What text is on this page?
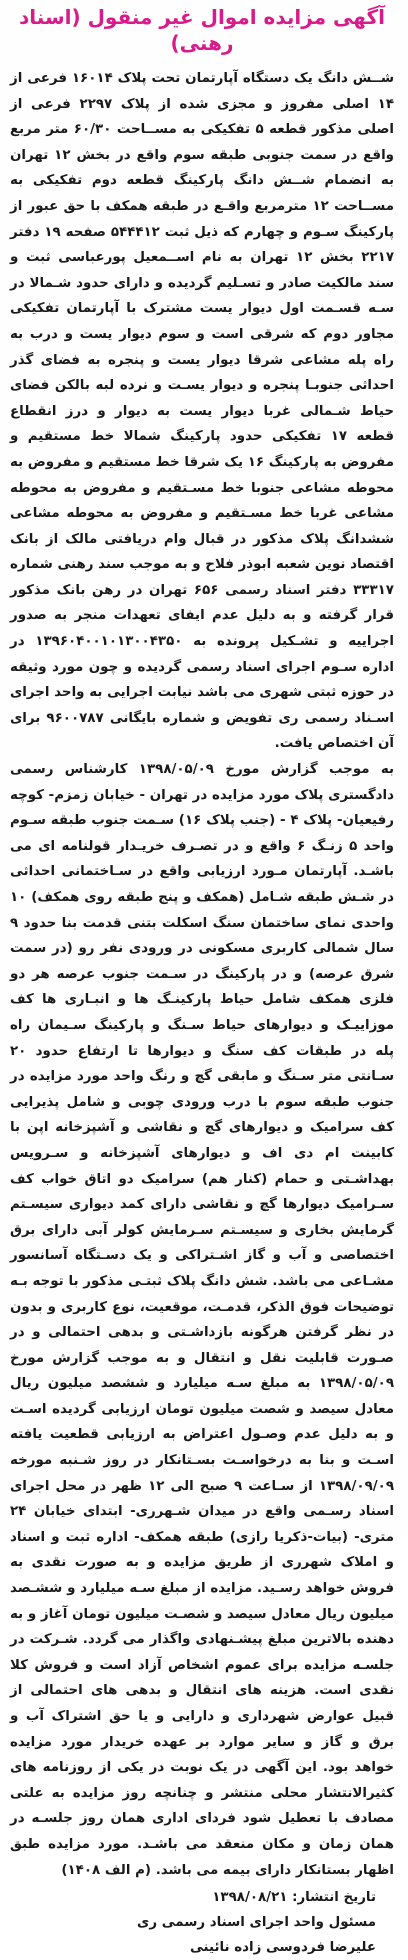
آگهی مزایده اموال غیر منقول (اسناد
رهنی)
شــش دانگ یک دستگاه آپارتمان تحت پلاک ۱۶۰۱۴ فرعی از ۱۴ اصلی مفروز و مجزی شده از پلاک ۲۲۹۷ فرعی از اصلی مذکور قطعه ۵ تفکیکی به مســاحت ۶۰/۳۰ متر مربع واقع در سمت جنوبی طبقه سوم واقع در بخش ۱۲ تهران به انضمام شــش دانگ پارکینگ قطعه دوم تفکیکی به مســاحت ۱۲ مترمربع واقـع در طبقه همکف با حق عبور از پارکینگ سـوم و چهارم که ذیل ثبت ۵۴۴۴۱۲ صفحه ۱۹ دفتر ۲۲۱۷ بخش ۱۲ تهران به نام اســمعیل پورعباسی ثبت و سند مالکیت صادر و تسـلیم گردیده و دارای حدود شـمالا در سـه قسـمت اول دیوار یست مشترک با آپارتمان تفکیکی مجاور دوم که شرقی است و سوم دیوار یست و درب به راه پله مشاعی شرقا دیوار یست و پنجره به فضای گذر احداثی جنوبـا پنجره و دیوار یسـت و نرده لبه بالکن فضای حیاط شـمالی غربا دیوار یست به دیوار و درز انقطاع قطعه ۱۷ تفکیکی حدود پارکینگ شمالا خط مستقیم و مفروض به پارکینگ ۱۶ یک شرقا خط مستقیم و مفروض به محوطه مشاعی جنوبا خط مسـتقیم و مفروض به محوطه مشاعی غربا خط مسـتقیم و مفروض به محوطه مشاعی ششدانگ پلاک مذکور در قبال وام دریافتی مالک از بانک اقتصاد نوین شعبه ابوذر فلاح و به موجب سند رهنی شماره ۳۳۳۱۷ دفتر اسناد رسمی ۶۵۶ تهران در رهن بانک مذکور قرار گرفته و به دلیل عدم ایفای تعهدات منجر به صدور اجراییه و تشـکیل پرونده به ۱۳۹۶۰۴۰۰۱۰۱۳۰۰۴۳۵۰ در اداره سـوم اجرای اسناد رسمی گردیده و چون مورد وثیقه در حوزه ثبتی شهری می باشد نیابت اجرایی به واحد اجرای اسـناد رسمی ری تفویض و شماره بایگانی ۹۶۰۰۷۸۷ برای آن اختصاص یافت.
به موجب گزارش مورخ ۱۳۹۸/۰۵/۰۹ کارشناس رسمی دادگستری پلاک مورد مزایده در تهران - خیابان زمزم- کوچه رفیعیان- پلاک ۴ - (جنب پلاک ۱۶) سـمت جنوب طبقه سـوم واحد ۵ زنـگ ۶ واقع و در تصـرف خریـدار قولنامه ای می باشـد. آپارتمان مـورد ارزیابی واقع در سـاختمانی احداثی در شـش طبقه شـامل (همکف و پنج طبقه روی همکف) ۱۰ واحدی نمای ساختمان سنگ اسکلت بتنی قدمت بنا حدود ۹ سال شمالی کاربری مسکونی در ورودی نفر رو (در سمت شرق عرصه) و در پارکینگ در سـمت جنوب عرصه هر دو فلزی همکف شامل حیاط پارکینـگ ها و انبـاری ها کف موزاییـک و دیوارهای حیاط سـنگ و پارکینگ سـیمان راه پله در طبقات کف سنگ و دیوارها تا ارتفاع حدود ۲۰ سـانتی متر سـنگ و مابقی گچ و رنگ واحد مورد مزایده در جنوب طبقه سوم با درب ورودی چوبی و شامل پذیرایی کف سرامیک و دیوارهای گچ و نقاشی و آشپزخانه اپن با کابینت ام دی اف و دیوارهای آشپزخانه و سـرویس بهداشـتی و حمام (کنار هم) سرامیک دو اتاق خواب کف سـرامیک دیوارها گچ و نقاشی دارای کمد دیواری سیسـتم گرمایش بخاری و سیسـتم سـرمایش کولر آبی دارای برق اختصاصی و آب و گاز اشـتراکی و یک دسـتگاه آسانسور مشـاعی می باشد. شش دانگ پلاک ثبتـی مذکور با توجه بـه توضیحات فوق الذکر، قدمـت، موقعیت، نوع کاربری و بدون در نظر گرفتن هرگونه بازداشـتی و بدهی احتمالی و در صـورت قابلیت نقل و انتقال و به موجب گزارش مورخ ۱۳۹۸/۰۵/۰۹ به مبلغ سـه میلیارد و ششصد میلیون ریال معادل سیصد و شصت میلیون تومان ارزیابی گردیده اسـت و به دلیل عدم وصـول اعتراض به ارزیابی قطعیت یافته اسـت و بنا به درخواسـت بسـتانکار در روز شـنبه مورخه ۱۳۹۸/۰۹/۰۹ از سـاعت ۹ صبح الی ۱۲ ظهر در محل اجرای اسناد رسـمی واقع در میدان شـهرری- ابتدای خیابان ۲۴ متری- (بیات-ذکریا رازی) طبقه همکف- اداره ثبت و اسناد و املاک شهرری از طریق مزایده و به صورت نقدی به فروش خواهد رسـید. مزایده از مبلغ سـه میلیارد و ششـصد میلیون ریال معادل سیصد و شصـت میلیون تومان آغاز و به دهنده بالاترین مبلغ پیشـنهادی واگذار می گردد. شـرکت در جلسـه مزایده برای عموم اشخاص آزاد است و فروش کلا نقدی است. هزینه های انتقال و بدهی های احتمالی از قبیل عوارض شهرداری و دارایی و یا حق اشتراک آب و برق و گاز و سایر موارد بر عهده خریدار مورد مزایده خواهد بود. این آگهی در یک نوبت در یکی از روزنامه های کثیرالانتشار محلی منتشر و چنانچه روز مزایده به علتی مصادف با تعطیل شود فردای اداری همان روز جلسـه در همان زمان و مکان منعقد می باشـد. مورد مزایده طبق اظهار بستانکار دارای بیمه می باشد. (م الف ۱۴۰۸)
تاریخ انتشار: ۱۳۹۸/۰۸/۲۱
مسئول واحد اجرای اسناد رسمی ری
علیرضا فردوسی زاده نائینی
